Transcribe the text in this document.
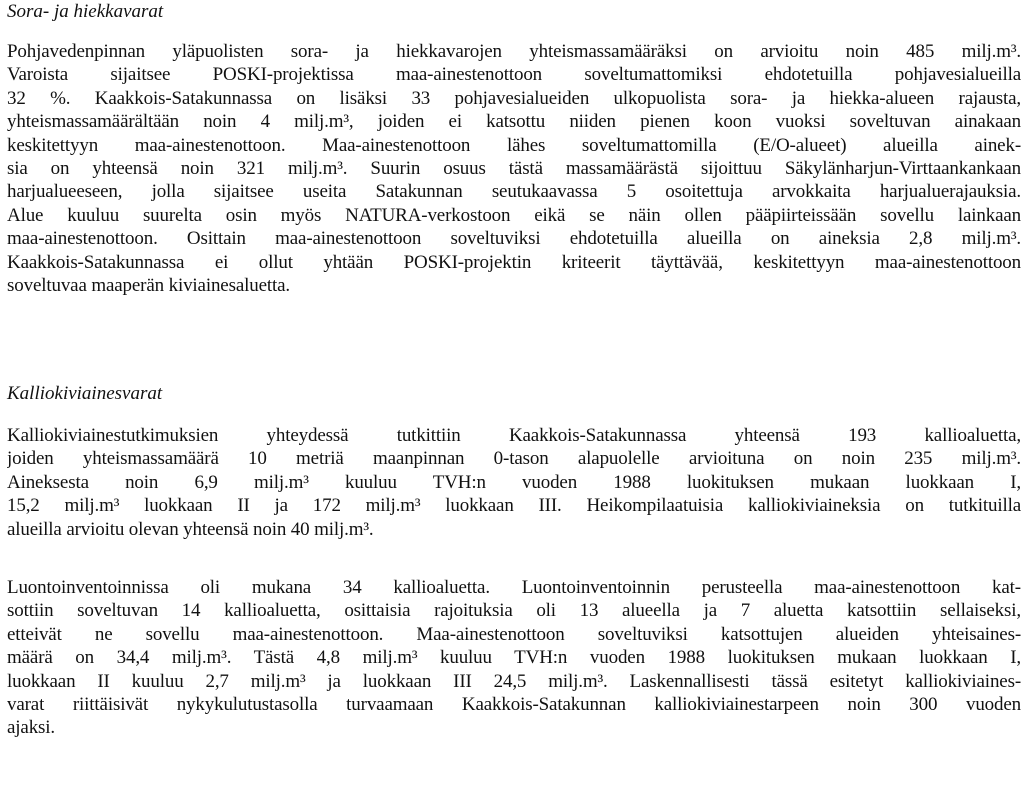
Sora- ja hiekkavarat

Pohjavedenpinnan yläpuolisten sora- ja hiekkavarojen yhteismassamääräksi on arvioitu noin 485 milj.m³.
Varoista sijaitsee POSKI-projektissa maa-ainestenottoon soveltumattomiksi ehdotetuilla pohjavesialueilla
32 %. Kaakkois-Satakunnassa on lisäksi 33 pohjavesialueiden ulkopuolista sora- ja hiekka-alueen rajausta,
yhteismassamäärältään noin 4 milj.m³, joiden ei katsottu niiden pienen koon vuoksi soveltuvan ainakaan
keskitettyyn maa-ainestenottoon. Maa-ainestenottoon lähes soveltumattomilla (E/O-alueet) alueilla ainek-
sia on yhteensä noin 321 milj.m³. Suurin osuus tästä massamäärästä sijoittuu Säkylänharjun-Virttaankankaan
harjualueeseen, jolla sijaitsee useita Satakunnan seutukaavassa 5 osoitettuja arvokkaita harjualuerajauksia.
Alue kuuluu suurelta osin myös NATURA-verkostoon eikä se näin ollen pääpiirteissään sovellu lainkaan
maa-ainestenottoon. Osittain maa-ainestenottoon soveltuviksi ehdotetuilla alueilla on aineksia 2,8 milj.m³.
Kaakkois-Satakunnassa ei ollut yhtään POSKI-projektin kriteerit täyttävää, keskitettyyn maa-ainestenottoon
soveltuvaa maaperän kiviainesaluetta.

Kalliokiviainesvarat

Kalliokiviainestutkimuksien yhteydessä tutkittiin Kaakkois-Satakunnassa yhteensä 193 kallioaluetta,
joiden yhteismassamäärä 10 metriä maanpinnan 0-tason alapuolelle arvioituna on noin 235 milj.m³.
Aineksesta noin 6,9 milj.m³ kuuluu TVH:n vuoden 1988 luokituksen mukaan luokkaan I,
15,2 milj.m³ luokkaan II ja 172 milj.m³ luokkaan III. Heikompilaatuisia kalliokiviaineksia on tutkituilla
alueilla arvioitu olevan yhteensä noin 40 milj.m³.

Luontoinventoinnissa oli mukana 34 kallioaluetta. Luontoinventoinnin perusteella maa-ainestenottoon kat-
sottiin soveltuvan 14 kallioaluetta, osittaisia rajoituksia oli 13 alueella ja 7 aluetta katsottiin sellaiseksi,
etteivät ne sovellu maa-ainestenottoon. Maa-ainestenottoon soveltuviksi katsottujen alueiden yhteisaines-
määrä on 34,4 milj.m³. Tästä 4,8 milj.m³ kuuluu TVH:n vuoden 1988 luokituksen mukaan luokkaan I,
luokkaan II kuuluu 2,7 milj.m³ ja luokkaan III 24,5 milj.m³. Laskennallisesti tässä esitetyt kalliokiviaines-
varat riittäisivät nykykulutustasolla turvaamaan Kaakkois-Satakunnan kalliokiviainestarpeen noin 300 vuoden
ajaksi.
